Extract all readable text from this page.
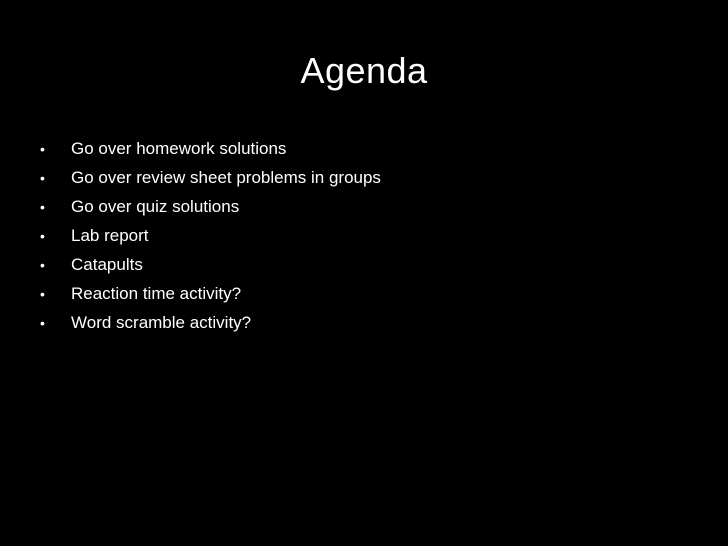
Agenda
•	Go over homework solutions
•	Go over review sheet problems in groups
•	Go over quiz solutions
•	Lab report
•	Catapults
•	Reaction time activity?
•	Word scramble activity?
